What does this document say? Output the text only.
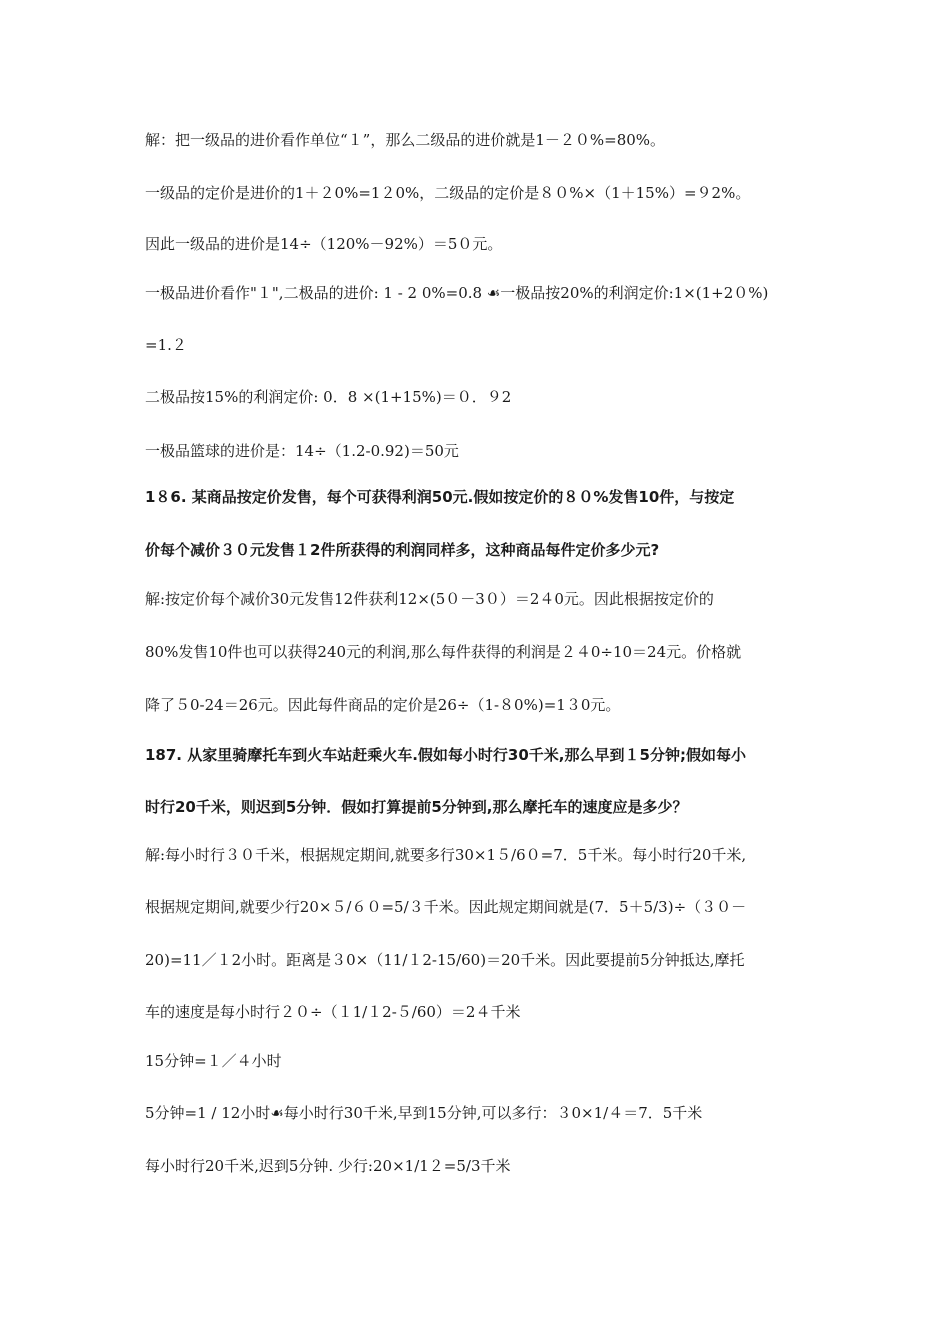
解：把一级品的进价看作单位“１”，那么二级品的进价就是1－２０%=80%。
一级品的定价是进价的1＋２0%=1２0%，二级品的定价是８０%×（1＋15%）=９2%。
因此一级品的进价是14÷（120%－92%）＝5０元。
一极品进价看作"１",二极品的进价: 1 - 2 0%=0.8 ☙一极品按20%的利润定价:1×(1+2０%)
=1.２
二极品按15%的利润定价: 0．8 ×(1+15%)＝０．９2
一极品篮球的进价是：14÷（1.2-0.92)＝50元
1８6. 某商品按定价发售，每个可获得利润50元.假如按定价的８０%发售10件，与按定
价每个减价３０元发售１2件所获得的利润同样多，这种商品每件定价多少元?
解:按定价每个减价30元发售12件获利12×(5０－3０）＝2４0元。因此根据按定价的
80%发售10件也可以获得240元的利润,那么每件获得的利润是２４0÷10＝24元。价格就
降了５0-24＝26元。因此每件商品的定价是26÷（1-８0%)=1３0元。
187. 从家里骑摩托车到火车站赶乘火车.假如每小时行30千米,那么早到１5分钟;假如每小
时行20千米，则迟到5分钟．假如打算提前5分钟到,那么摩托车的速度应是多少？
解:每小时行３０千米，根据规定期间,就要多行30×1５/6０=7．5千米。每小时行20千米,
根据规定期间,就要少行20×５/６０=5/３千米。因此规定期间就是(7．5＋5/3)÷（３０－
20)=11／１2小时。距离是３0×（11/１2-15/60)＝20千米。因此要提前5分钟抵达,摩托
车的速度是每小时行２０÷（１1/１2-５/60）＝2４千米
15分钟=１／４小时
5分钟=1 / 12小时☙每小时行30千米,早到15分钟,可以多行：３0×1/４＝7．5千米
每小时行20千米,迟到5分钟. 少行:20×1/1２=5/3千米
